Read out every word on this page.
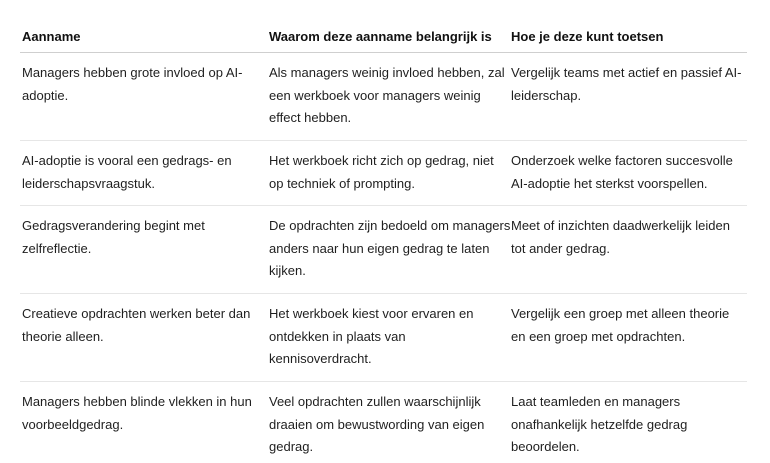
Aanname	Waarom deze aanname belangrijk is	Hoe je deze kunt toetsen
Managers hebben grote invloed op AI-adoptie.
Als managers weinig invloed hebben, zal een werkboek voor managers weinig effect hebben.
Vergelijk teams met actief en passief AI-leiderschap.
AI-adoptie is vooral een gedrags- en leiderschapsvraagstuk.
Het werkboek richt zich op gedrag, niet op techniek of prompting.
Onderzoek welke factoren succesvolle AI-adoptie het sterkst voorspellen.
Gedragsverandering begint met zelfreflectie.
De opdrachten zijn bedoeld om managers anders naar hun eigen gedrag te laten kijken.
Meet of inzichten daadwerkelijk leiden tot ander gedrag.
Creatieve opdrachten werken beter dan theorie alleen.
Het werkboek kiest voor ervaren en ontdekken in plaats van kennisoverdracht.
Vergelijk een groep met alleen theorie en een groep met opdrachten.
Managers hebben blinde vlekken in hun voorbeeldgedrag.
Veel opdrachten zullen waarschijnlijk draaien om bewustwording van eigen gedrag.
Laat teamleden en managers onafhankelijk hetzelfde gedrag beoordelen.
